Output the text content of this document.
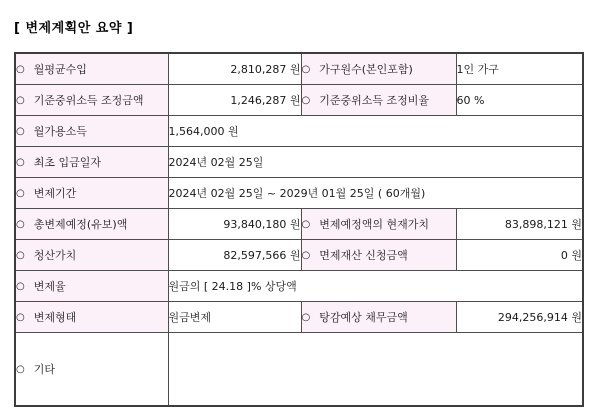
[ 변제계획안 요약 ]
○ 월평균수입	2,810,287 원	○ 가구원수(본인포함)	1인 가구
○ 기준중위소득 조정금액	1,246,287 원	○ 기준중위소득 조정비율	60 %
○ 월가용소득	1,564,000 원		
○ 최초 입금일자	2024년 02월 25일		
○ 변제기간	2024년 02월 25일 ~ 2029년 01월 25일 ( 60개월)		
○ 총변제예정(유보)액	93,840,180 원	○ 변제예정액의 현재가치	83,898,121 원
○ 청산가치	82,597,566 원	○ 면제재산 신청금액	0 원
○ 변제율	원금의 [ 24.18 ]% 상당액		
○ 변제형태	원금변제	○ 탕감예상 채무금액	294,256,914 원
○ 기타			
